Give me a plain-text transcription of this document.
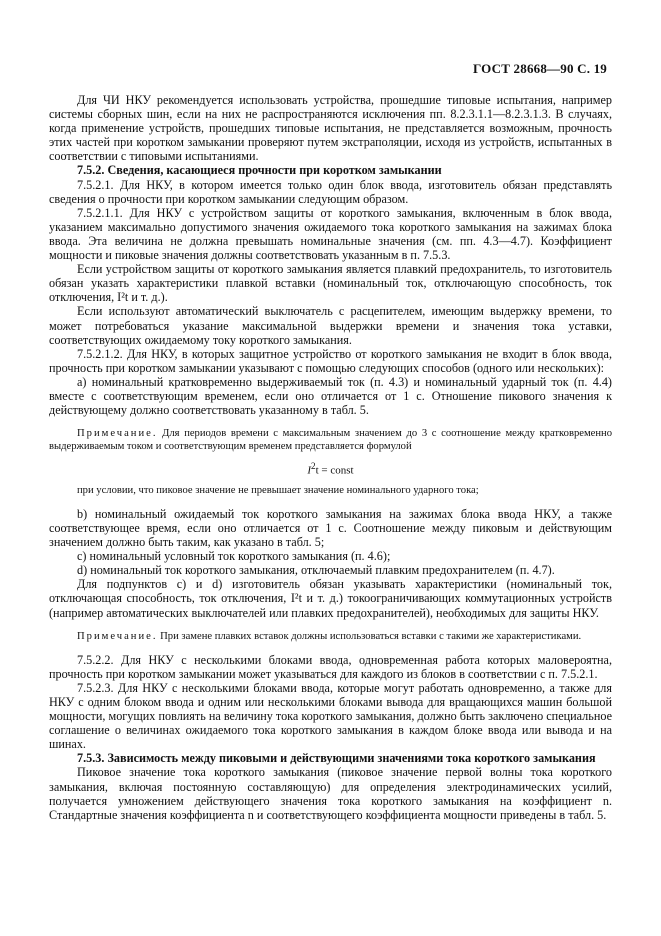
ГОСТ 28668—90 С. 19

Для ЧИ НКУ рекомендуется использовать устройства, прошедшие типовые испытания, например системы сборных шин, если на них не распространяются исключения пп. 8.2.3.1.1—8.2.3.1.3. В случаях, когда применение устройств, прошедших типовые испытания, не представляется возможным, прочность этих частей при коротком замыкании проверяют путем экстраполяции, исходя из устройств, испытанных в соответствии с типовыми испытаниями.

7.5.2. Сведения, касающиеся прочности при коротком замыкании

7.5.2.1. Для НКУ, в котором имеется только один блок ввода, изготовитель обязан представлять сведения о прочности при коротком замыкании следующим образом.

7.5.2.1.1. Для НКУ с устройством защиты от короткого замыкания, включенным в блок ввода, указанием максимально допустимого значения ожидаемого тока короткого замыкания на зажимах блока ввода. Эта величина не должна превышать номинальные значения (см. пп. 4.3—4.7). Коэффициент мощности и пиковые значения должны соответствовать указанным в п. 7.5.3.

Если устройством защиты от короткого замыкания является плавкий предохранитель, то изготовитель обязан указать характеристики плавкой вставки (номинальный ток, отключающую способность, ток отключения, I²t и т. д.).

Если используют автоматический выключатель с расцепителем, имеющим выдержку времени, то может потребоваться указание максимальной выдержки времени и значения тока уставки, соответствующих ожидаемому току короткого замыкания.

7.5.2.1.2. Для НКУ, в которых защитное устройство от короткого замыкания не входит в блок ввода, прочность при коротком замыкании указывают с помощью следующих способов (одного или нескольких):

a) номинальный кратковременно выдерживаемый ток (п. 4.3) и номинальный ударный ток (п. 4.4) вместе с соответствующим временем, если оно отличается от 1 с. Отношение пикового значения к действующему должно соответствовать указанному в табл. 5.

Примечание. Для периодов времени с максимальным значением до 3 с соотношение между кратковременно выдерживаемым током и соответствующим временем представляется формулой

$I^2t$ = const

при условии, что пиковое значение не превышает значение номинального ударного тока;

b) номинальный ожидаемый ток короткого замыкания на зажимах блока ввода НКУ, а также соответствующее время, если оно отличается от 1 с. Соотношение между пиковым и действующим значением должно быть таким, как указано в табл. 5;

c) номинальный условный ток короткого замыкания (п. 4.6);

d) номинальный ток короткого замыкания, отключаемый плавким предохранителем (п. 4.7).

Для подпунктов c) и d) изготовитель обязан указывать характеристики (номинальный ток, отключающая способность, ток отключения, I²t и т. д.) токоограничивающих коммутационных устройств (например автоматических выключателей или плавких предохранителей), необходимых для защиты НКУ.

Примечание. При замене плавких вставок должны использоваться вставки с такими же характеристиками.

7.5.2.2. Для НКУ с несколькими блоками ввода, одновременная работа которых маловероятна, прочность при коротком замыкании может указываться для каждого из блоков в соответствии с п. 7.5.2.1.

7.5.2.3. Для НКУ с несколькими блоками ввода, которые могут работать одновременно, а также для НКУ с одним блоком ввода и одним или несколькими блоками вывода для вращающихся машин большой мощности, могущих повлиять на величину тока короткого замыкания, должно быть заключено специальное соглашение о величинах ожидаемого тока короткого замыкания в каждом блоке ввода или вывода и на шинах.

7.5.3. Зависимость между пиковыми и действующими значениями тока короткого замыкания

Пиковое значение тока короткого замыкания (пиковое значение первой волны тока короткого замыкания, включая постоянную составляющую) для определения электродинамических усилий, получается умножением действующего значения тока короткого замыкания на коэффициент n. Стандартные значения коэффициента n и соответствующего коэффициента мощности приведены в табл. 5.
